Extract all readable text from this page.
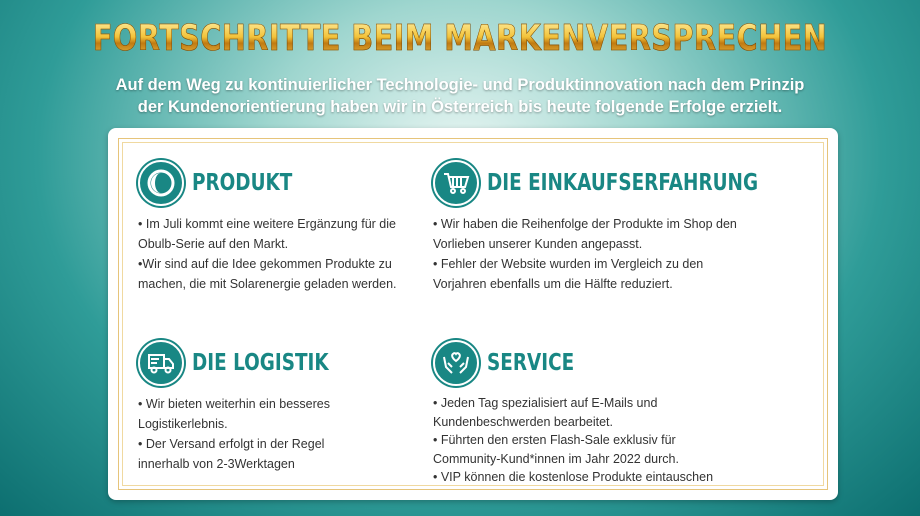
FORTSCHRITTE BEIM MARKENVERSPRECHEN
Auf dem Weg zu kontinuierlicher Technologie- und Produktinnovation nach dem Prinzip
der Kundenorientierung haben wir in Österreich bis heute folgende Erfolge erzielt.
PRODUKT
• Im Juli kommt eine weitere Ergänzung für die
Obulb-Serie auf den Markt.
•Wir sind auf die Idee gekommen Produkte zu
machen, die mit Solarenergie geladen werden.
DIE EINKAUFSERFAHRUNG
• Wir haben die Reihenfolge der Produkte im Shop den
Vorlieben unserer Kunden angepasst.
• Fehler der Website wurden im Vergleich zu den
Vorjahren ebenfalls um die Hälfte reduziert.
DIE LOGISTIK
• Wir bieten weiterhin ein besseres
Logistikerlebnis.
• Der Versand erfolgt in der Regel
innerhalb von 2-3Werktagen
SERVICE
• Jeden Tag spezialisiert auf E-Mails und
Kundenbeschwerden bearbeitet.
• Führten den ersten Flash-Sale exklusiv für
Community-Kund*innen im Jahr 2022 durch.
• VIP können die kostenlose Produkte eintauschen
